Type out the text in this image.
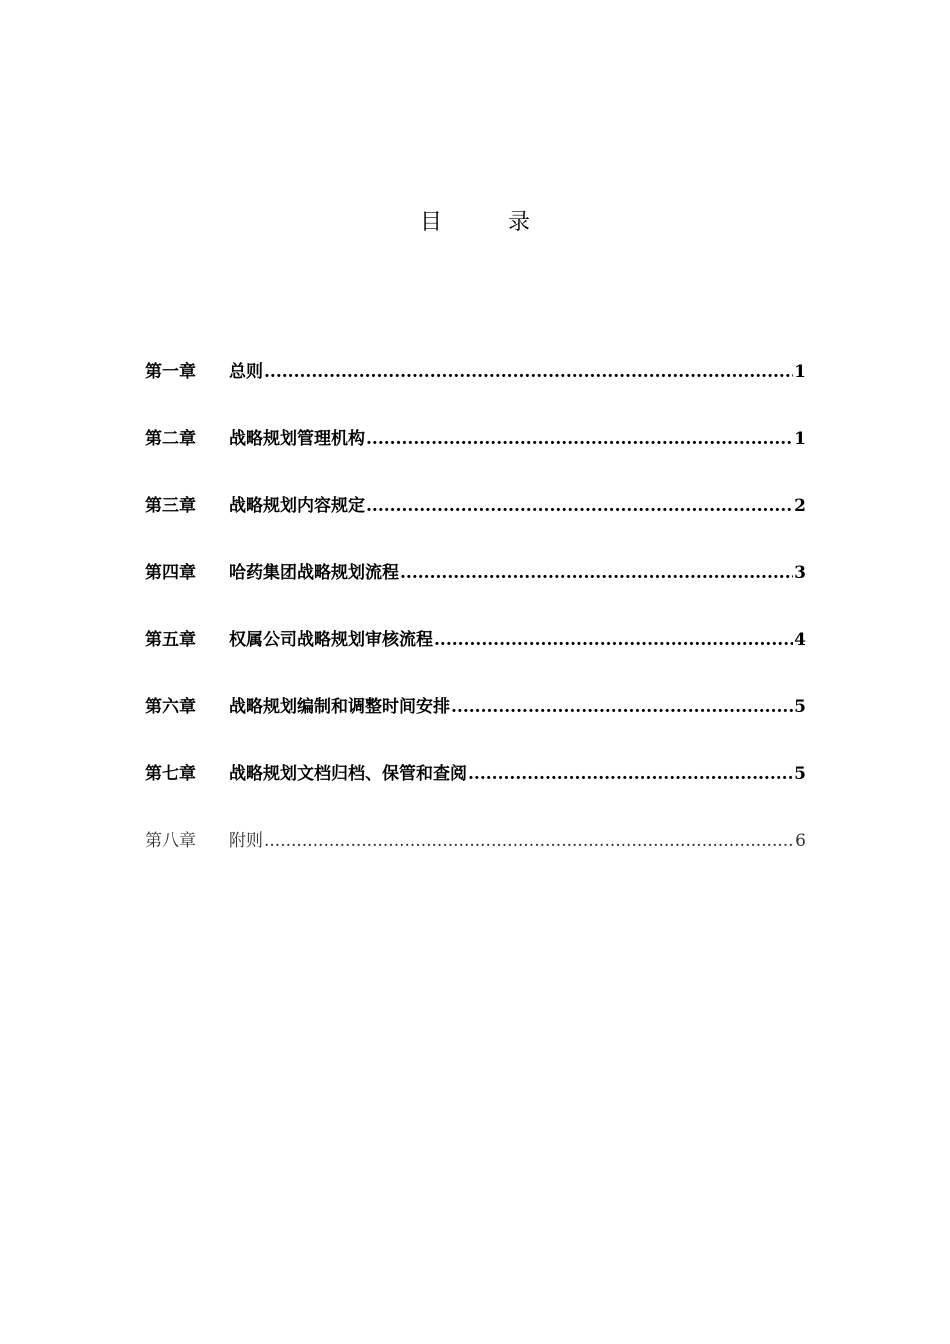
目　录
第一章	总则 .....	1
第二章	战略规划管理机构 .....	1
第三章	战略规划内容规定 .....	2
第四章	哈药集团战略规划流程 .....	3
第五章	权属公司战略规划审核流程 .....	4
第六章	战略规划编制和调整时间安排 .....	5
第七章	战略规划文档归档、保管和查阅 .....	5
第八章	附则 .....	6
